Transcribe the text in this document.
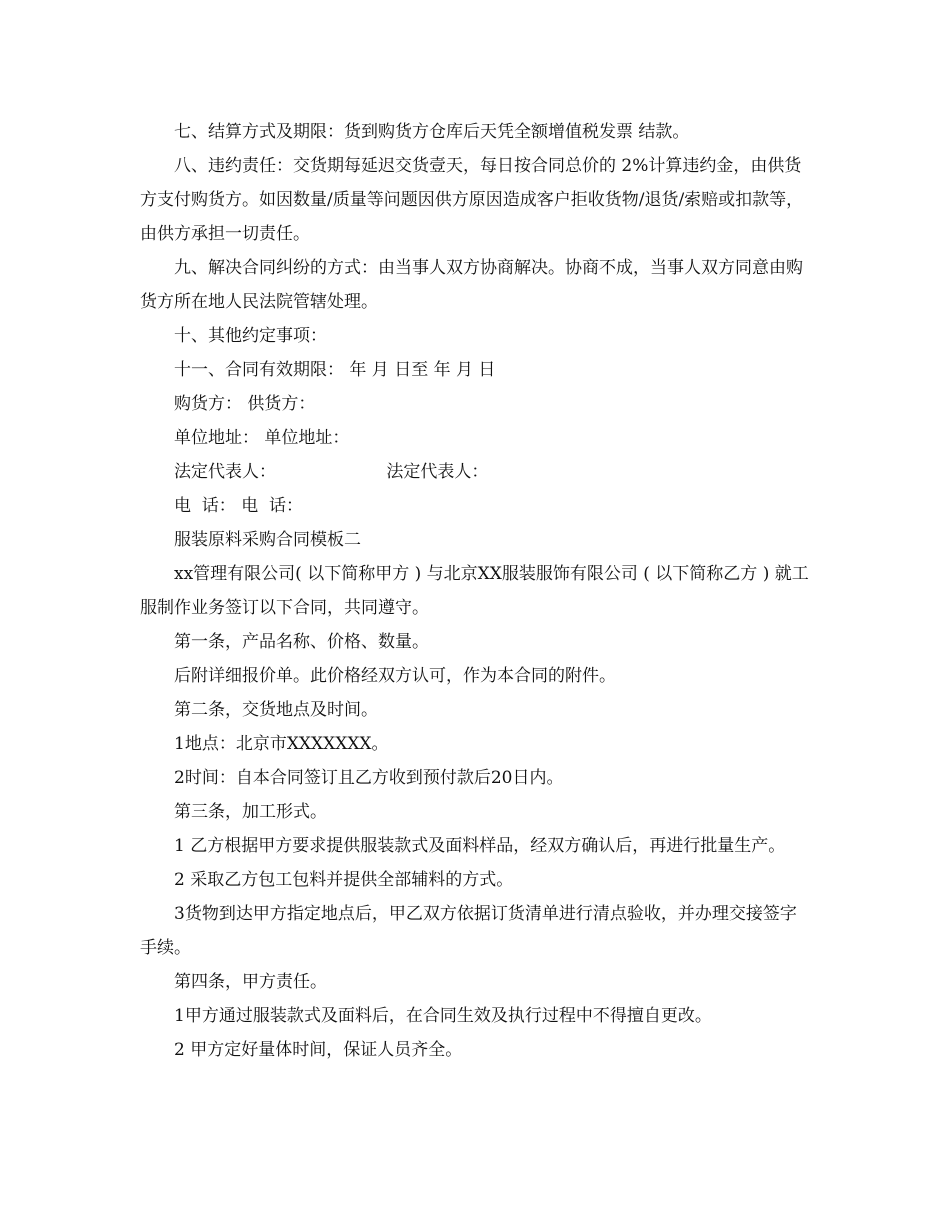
七、结算方式及期限：货到购货方仓库后天凭全额增值税发票 结款。

八、违约责任：交货期每延迟交货壹天，每日按合同总价的 2%计算违约金，由供货方支付购货方。如因数量/质量等问题因供方原因造成客户拒收货物/退货/索赔或扣款等，由供方承担一切责任。

九、解决合同纠纷的方式：由当事人双方协商解决。协商不成，当事人双方同意由购货方所在地人民法院管辖处理。

十、其他约定事项：

十一、合同有效期限： 年 月 日至 年 月 日

购货方： 供货方：
单位地址： 单位地址：
法定代表人：	法定代表人：
电  话： 电  话：

服装原料采购合同模板二

xx管理有限公司( 以下简称甲方 ) 与北京XX服装服饰有限公司 ( 以下简称乙方 ) 就工服制作业务签订以下合同，共同遵守。

第一条，产品名称、价格、数量。

后附详细报价单。此价格经双方认可，作为本合同的附件。

第二条，交货地点及时间。

1地点：北京市XXXXXXX。

2时间：自本合同签订且乙方收到预付款后20日内。

第三条，加工形式。

1 乙方根据甲方要求提供服装款式及面料样品，经双方确认后，再进行批量生产。

2 采取乙方包工包料并提供全部辅料的方式。

3货物到达甲方指定地点后，甲乙双方依据订货清单进行清点验收，并办理交接签字手续。

第四条，甲方责任。

1甲方通过服装款式及面料后，在合同生效及执行过程中不得擅自更改。

2 甲方定好量体时间，保证人员齐全。
